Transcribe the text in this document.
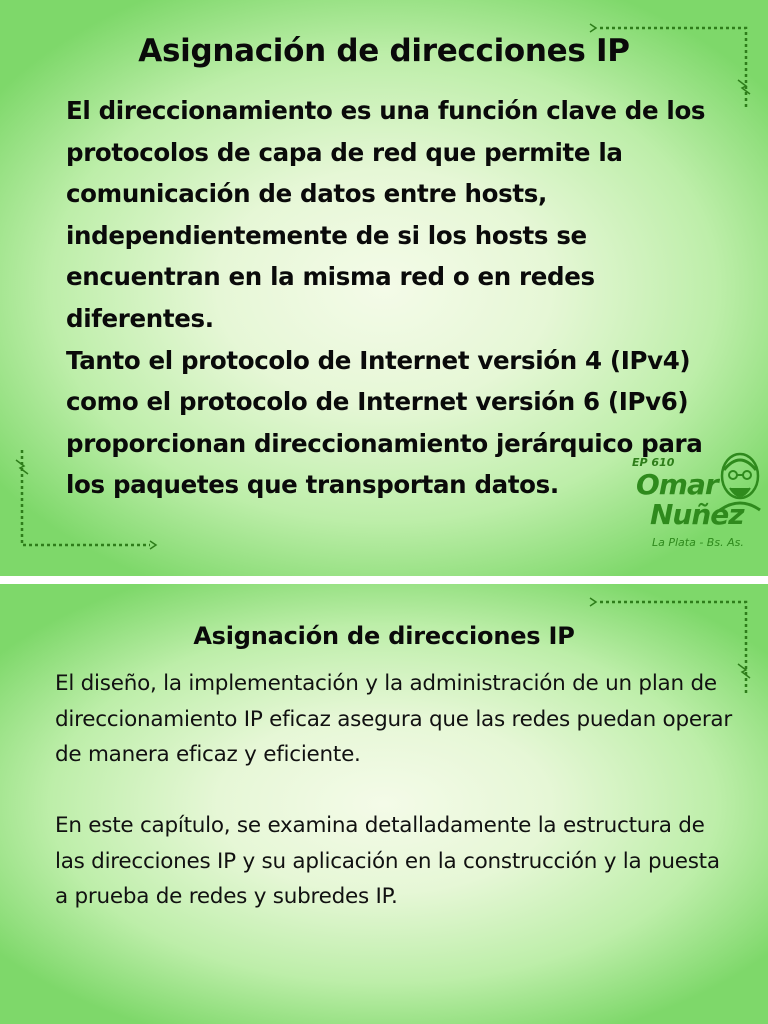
Asignación de direcciones IP

El direccionamiento es una función clave de los protocolos de capa de red que permite la comunicación de datos entre hosts, independientemente de si los hosts se encuentran en la misma red o en redes diferentes.

Tanto el protocolo de Internet versión 4 (IPv4) como el protocolo de Internet versión 6 (IPv6) proporcionan direccionamiento jerárquico para los paquetes que transportan datos.

EP 610
Omar
Nuñez
La Plata - Bs. As.
Asignación de direcciones IP

El diseño, la implementación y la administración de un plan de direccionamiento IP eficaz asegura que las redes puedan operar de manera eficaz y eficiente.

En este capítulo, se examina detalladamente la estructura de las direcciones IP y su aplicación en la construcción y la puesta a prueba de redes y subredes IP.
